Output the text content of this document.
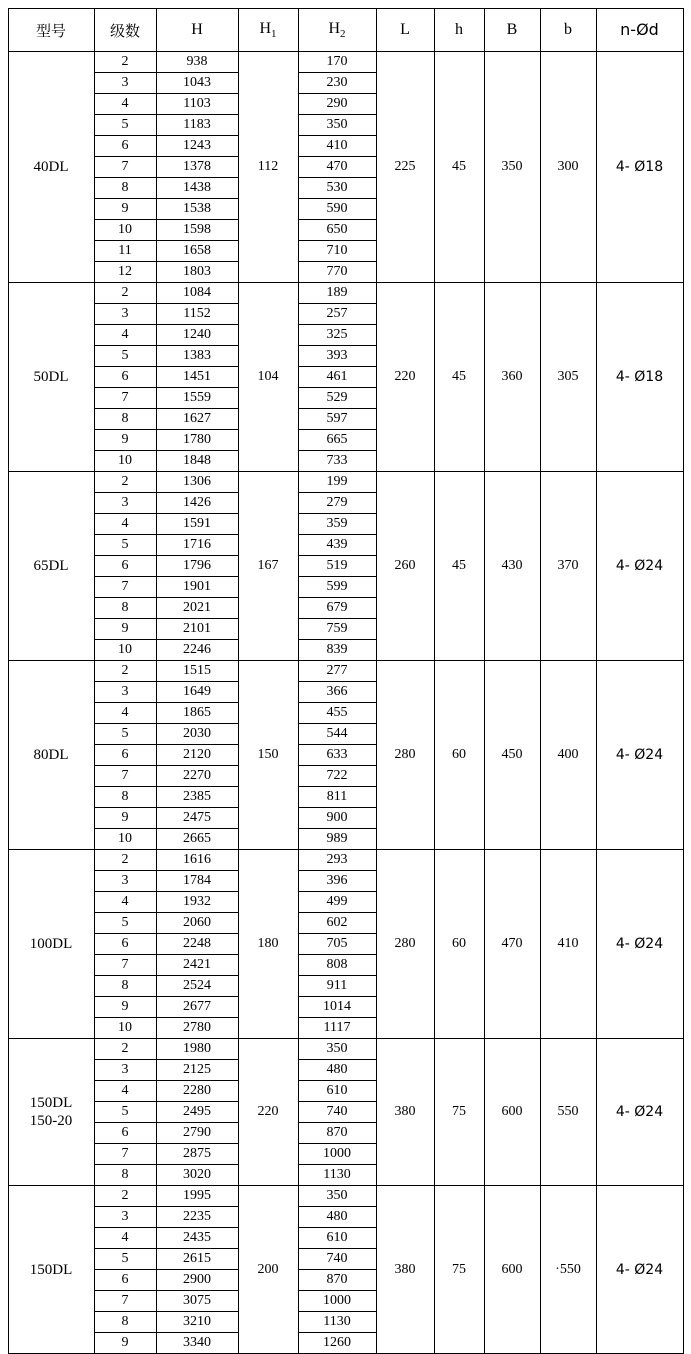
型号	级数	H	$H_1$	$H_2$	L	h	B	b	n-Ød
40DL	2	938	112	170	225	45	350	300	4- Ø18
	3	1043		230					
	4	1103		290					
	5	1183		350					
	6	1243		410					
	7	1378		470					
	8	1438		530					
	9	1538		590					
	10	1598		650					
	11	1658		710					
	12	1803		770					
50DL	2	1084	104	189	220	45	360	305	4- Ø18
	3	1152		257					
	4	1240		325					
	5	1383		393					
	6	1451		461					
	7	1559		529					
	8	1627		597					
	9	1780		665					
	10	1848		733					
65DL	2	1306	167	199	260	45	430	370	4- Ø24
	3	1426		279					
	4	1591		359					
	5	1716		439					
	6	1796		519					
	7	1901		599					
	8	2021		679					
	9	2101		759					
	10	2246		839					
80DL	2	1515	150	277	280	60	450	400	4- Ø24
	3	1649		366					
	4	1865		455					
	5	2030		544					
	6	2120		633					
	7	2270		722					
	8	2385		811					
	9	2475		900					
	10	2665		989					
100DL	2	1616	180	293	280	60	470	410	4- Ø24
	3	1784		396					
	4	1932		499					
	5	2060		602					
	6	2248		705					
	7	2421		808					
	8	2524		911					
	9	2677		1014					
	10	2780		1117					
150DL
150-20	2	1980	220	350	380	75	600	550	4- Ø24
	3	2125		480					
	4	2280		610					
	5	2495		740					
	6	2790		870					
	7	2875		1000					
	8	3020		1130					
150DL	2	1995	200	350	380	75	600	·550	4- Ø24
	3	2235		480					
	4	2435		610					
	5	2615		740					
	6	2900		870					
	7	3075		1000					
	8	3210		1130					
	9	3340		1260					
